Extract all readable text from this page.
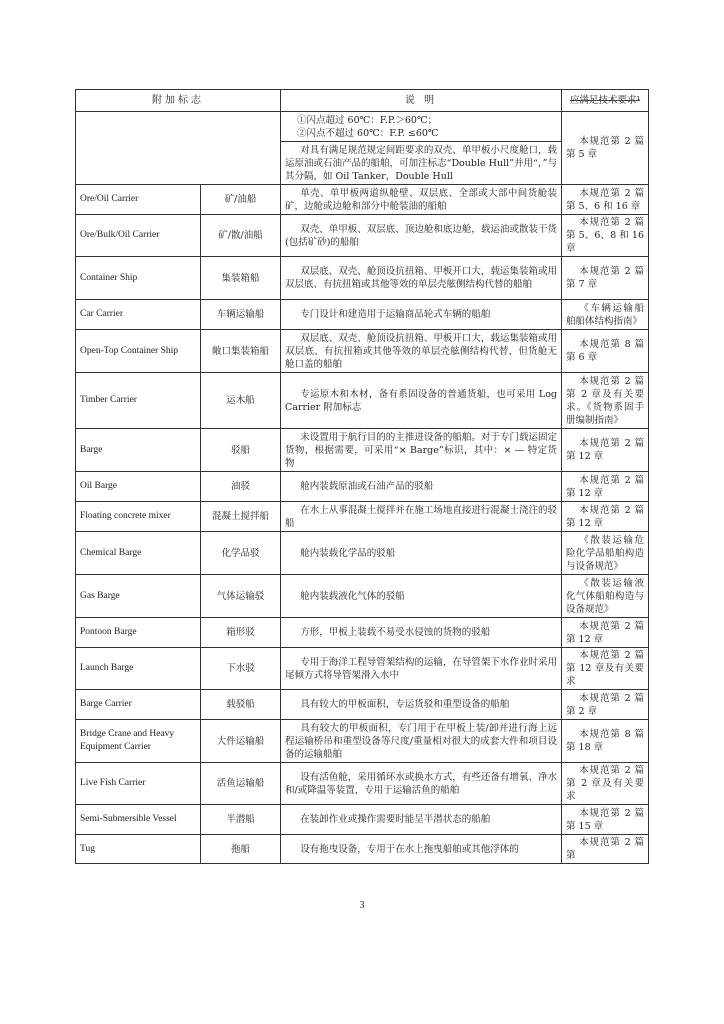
附加标志		说 明	应满足技术要求¹

		①闪点超过 60℃：F.P.＞60℃；
②闪点不超过 60℃：F.P. ≤60℃	本规范第 2 篇第 5 章
		对具有满足规范规定间距要求的双壳、单甲板小尺度舱口，载运原油或石油产品的船舶，可加注标志“Double Hull”并用“，”与其分隔，如 Oil Tanker，Double Hull	
Ore/Oil Carrier	矿/油船	单壳、单甲板两道纵舱壁、双层底、全部或大部中间货舱装矿，边舱或边舱和部分中舱装油的船舶	本规范第 2 篇第 5、6 和 16 章
Ore/Bulk/Oil Carrier	矿/散/油船	双壳、单甲板、双层底、顶边舱和底边舱，载运油或散装干货(包括矿砂)的船舶	本规范第 2 篇第 5、6、8 和 16 章
Container Ship	集装箱船	双层底、双壳、舱顶设抗扭箱、甲板开口大，载运集装箱或用双层底、有抗扭箱或其他等效的单层壳舷侧结构代替的船舶	本规范第 2 篇第 7 章
Car Carrier	车辆运输船	专门设计和建造用于运输商品轮式车辆的船舶	《车辆运输船舶船体结构指南》
Open-Top Container Ship	敞口集装箱船	双层底、双壳、舱顶设抗扭箱、甲板开口大，载运集装箱或用双层底、有抗扭箱或其他等效的单层壳舷侧结构代替，但货舱无舱口盖的船舶	本规范第 8 篇第 6 章
Timber Carrier	运木船	专运原木和木材，备有系固设备的普通货船，也可采用 Log Carrier 附加标志	本规范第 2 篇第 2 章及有关要求。《货物系固手册编制指南》
Barge	驳船	未设置用于航行目的的主推进设备的船舶。对于专门载运固定货物，根据需要，可采用“× Barge”标识，其中：× — 特定货物	本规范第 2 篇第 12 章
Oil Barge	油驳	舱内装载原油或石油产品的驳船	本规范第 2 篇第 12 章
Floating concrete mixer	混凝土搅拌船	在水上从事混凝土搅拌并在施工场地直接进行混凝土浇注的驳船	本规范第 2 篇第 12 章
Chemical Barge	化学品驳	舱内装载化学品的驳船	《散装运输危险化学品船舶构造与设备规范》
Gas Barge	气体运输驳	舱内装载液化气体的驳船	《散装运输液化气体船舶构造与设备规范》
Pontoon Barge	箱形驳	方形，甲板上装载不易受水侵蚀的货物的驳船	本规范第 2 篇第 12 章
Launch Barge	下水驳	专用于海洋工程导管架结构的运输，在导管架下水作业时采用尾倾方式将导管架滑入水中	本规范第 2 篇第 12 章及有关要求
Barge Carrier	载驳船	具有较大的甲板面积，专运货驳和重型设备的船舶	本规范第 2 篇第 2 章
Bridge Crane and Heavy Equipment Carrier	大件运输船	具有较大的甲板面积，专门用于在甲板上装/卸并进行海上远程运输桥吊和重型设备等尺度/重量相对很大的成套大件和项目设备的运输船舶	本规范第 8 篇第 18 章
Live Fish Carrier	活鱼运输船	设有活鱼舱，采用循环水或换水方式，有些还备有增氧、净水和/或降温等装置，专用于运输活鱼的船舶	本规范第 2 篇第 2 章及有关要求
Semi-Submersible Vessel	半潜船	在装卸作业或操作需要时能呈半潜状态的船舶	本规范第 2 篇第 15 章
Tug	拖船	设有拖曳设备，专用于在水上拖曳船舶或其他浮体的	本规范第 2 篇第
3
